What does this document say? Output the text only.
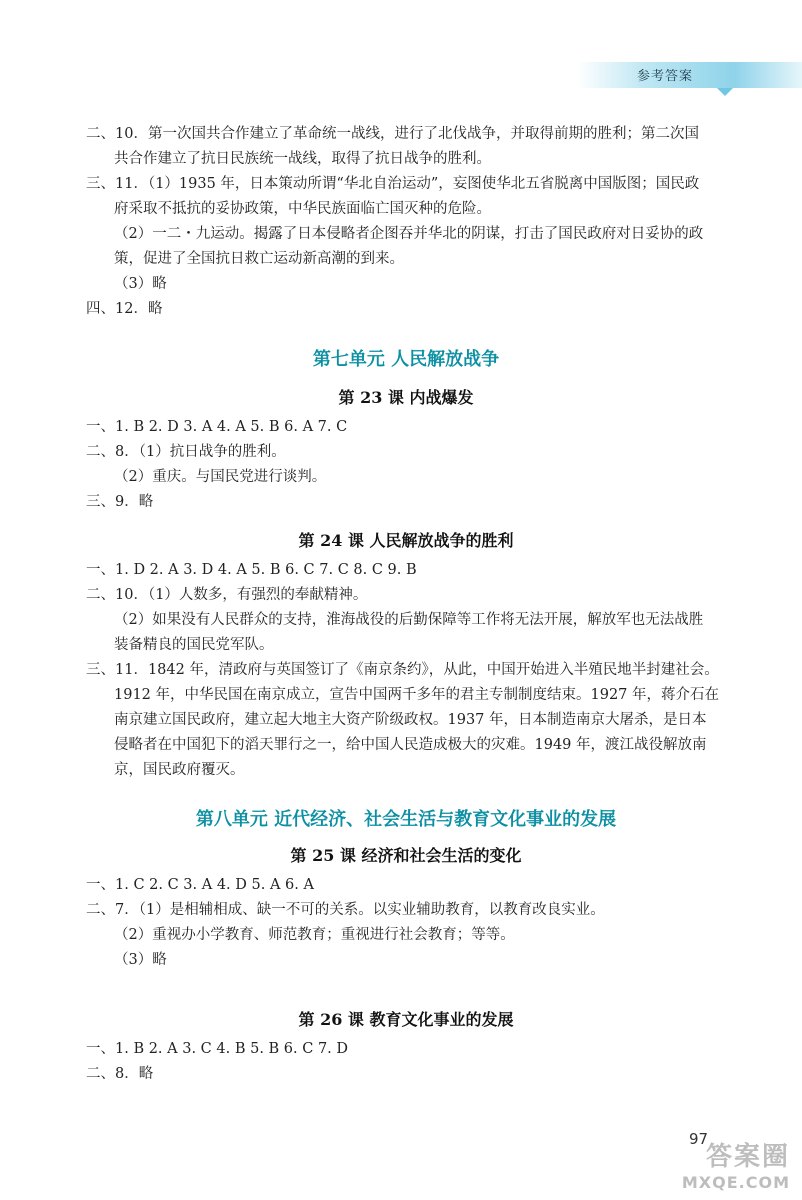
参考答案
二、10．第一次国共合作建立了革命统一战线，进行了北伐战争，并取得前期的胜利；第二次国
共合作建立了抗日民族统一战线，取得了抗日战争的胜利。
三、11．（1）1935 年，日本策动所谓“华北自治运动”，妄图使华北五省脱离中国版图；国民政
府采取不抵抗的妥协政策，中华民族面临亡国灭种的危险。
（2）一二・九运动。揭露了日本侵略者企图吞并华北的阴谋，打击了国民政府对日妥协的政
策，促进了全国抗日救亡运动新高潮的到来。
（3）略
四、12．略
第七单元 人民解放战争
第 23 课 内战爆发
一、1. B 2. D 3. A 4. A 5. B 6. A 7. C
二、8．（1）抗日战争的胜利。
（2）重庆。与国民党进行谈判。
三、9．略
第 24 课 人民解放战争的胜利
一、1. D 2. A 3. D 4. A 5. B 6. C 7. C 8. C 9. B
二、10．（1）人数多，有强烈的奉献精神。
（2）如果没有人民群众的支持，淮海战役的后勤保障等工作将无法开展，解放军也无法战胜
装备精良的国民党军队。
三、11．1842 年，清政府与英国签订了《南京条约》，从此，中国开始进入半殖民地半封建社会。
1912 年，中华民国在南京成立，宣告中国两千多年的君主专制制度结束。1927 年，蒋介石在
南京建立国民政府，建立起大地主大资产阶级政权。1937 年，日本制造南京大屠杀，是日本
侵略者在中国犯下的滔天罪行之一，给中国人民造成极大的灾难。1949 年，渡江战役解放南
京，国民政府覆灭。
第八单元 近代经济、社会生活与教育文化事业的发展
第 25 课 经济和社会生活的变化
一、1. C 2. C 3. A 4. D 5. A 6. A
二、7．（1）是相辅相成、缺一不可的关系。以实业辅助教育，以教育改良实业。
（2）重视办小学教育、师范教育；重视进行社会教育；等等。
（3）略
第 26 课 教育文化事业的发展
一、1. B 2. A 3. C 4. B 5. B 6. C 7. D
二、8．略
97
答案圈
MXQE.COM
